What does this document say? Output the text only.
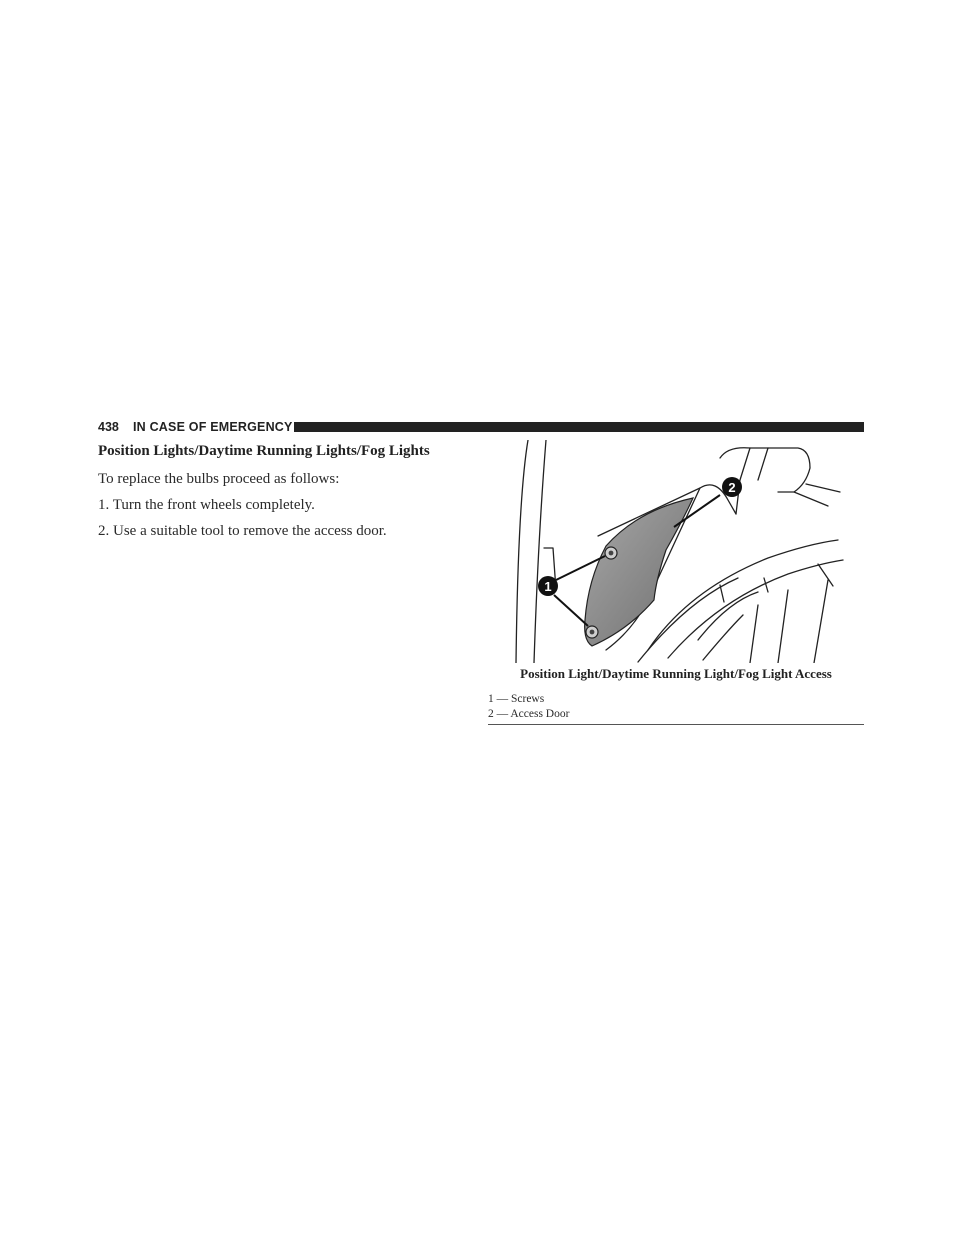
438 IN CASE OF EMERGENCY
Position Lights/Daytime Running Lights/Fog Lights
To replace the bulbs proceed as follows:
1. Turn the front wheels completely.
2. Use a suitable tool to remove the access door.
1
2
Position Light/Daytime Running Light/Fog Light Access
1 — Screws
2 — Access Door
